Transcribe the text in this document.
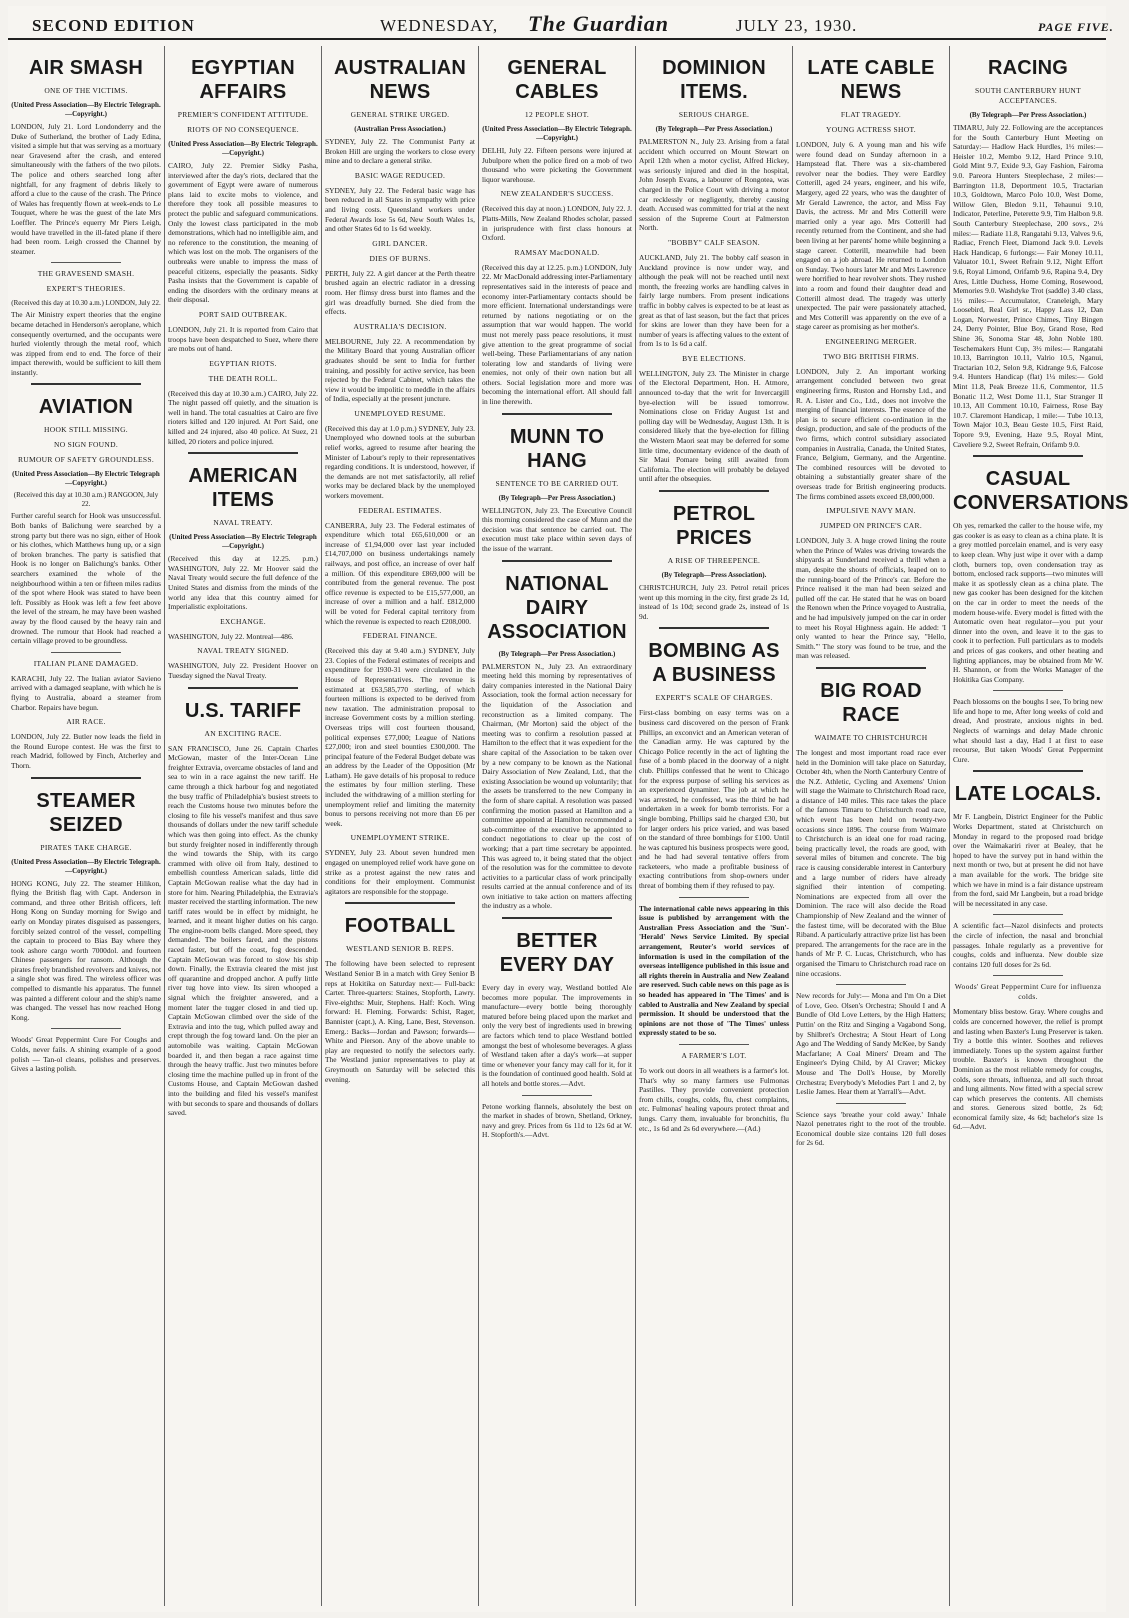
SECOND EDITION	WEDNESDAY, The Guardian	JULY 23, 1930.	PAGE FIVE.
AIR SMASH
ONE OF THE VICTIMS.
(United Press Association—By Electric Telegraph.—Copyright.)

LONDON, July 21. Lord Londonderry and the Duke of Sutherland, the brother of Lady Edina, visited a simple hut that was serving as a mortuary near Gravesend after the crash, and entered simultaneously with the fathers of the two pilots. The police and others searched long after nightfall, for any fragment of debris likely to afford a clue to the cause of the crash. The Prince of Wales has frequently flown at week-ends to Le Touquet, where he was the guest of the late Mrs Loeffler. The Prince's equerry Mr Piers Leigh, would have travelled in the ill-fated plane if there had been room. Leigh crossed the Channel by steamer.

THE GRAVESEND SMASH.
EXPERT'S THEORIES.
(Received this day at 10.30 a.m.) LONDON, July 22.

The Air Ministry expert theories that the engine became detached in Henderson's aeroplane, which consequently overturned, and the occupants were hurled violently through the metal roof, which was zipped from end to end. The force of their impact therewith, would be sufficient to kill them instantly.

AVIATION
HOOK STILL MISSING.
NO SIGN FOUND.
RUMOUR OF SAFETY GROUNDLESS.
(United Press Association—By Electric Telegraph—Copyright.)
(Received this day at 10.30 a.m.) RANGOON, July 22.

Further careful search for Hook was unsuccessful. Both banks of Balichung were searched by a strong party but there was no sign, either of Hook or his clothes, which Matthews hung up, or a sign of broken branches. The party is satisfied that Hook is no longer on Balichung's banks. Other searchers examined the whole of the neighbourhood within a ten or fifteen miles radius of the spot where Hook was stated to have been left. Possibly as Hook was left a few feet above the level of the stream, he may have been washed away by the flood caused by the heavy rain and drowned. The rumour that Hook had reached a certain village proved to be groundless.

ITALIAN PLANE DAMAGED.

KARACHI, July 22. The Italian aviator Savieno arrived with a damaged seaplane, with which he is flying to Australia, aboard a steamer from Charbor. Repairs have begun.

AIR RACE.

LONDON, July 22. Butler now leads the field in the Round Europe contest. He was the first to reach Madrid, followed by Finch, Atcherley and Thorn.

STEAMER SEIZED
PIRATES TAKE CHARGE.
(United Press Association—By Electric Telegraph.—Copyright.)

HONG KONG, July 22. The steamer Hilikon, flying the British flag with Capt. Anderson in command, and three other British officers, left Hong Kong on Sunday morning for Swigo and early on Monday pirates disguised as passengers, forcibly seized control of the vessel, compelling the captain to proceed to Bias Bay where they took ashore cargo worth 7000dol. and fourteen Chinese passengers for ransom. Although the pirates freely brandished revolvers and knives, not a single shot was fired. The wireless officer was compelled to dismantle his apparatus. The funnel was painted a different colour and the ship's name was changed. The vessel has now reached Hong Kong.

Woods' Great Peppermint Cure For Coughs and Colds, never fails. A shining example of a good polish — Tan-ol cleans, polishes and preserves. Gives a lasting polish.

EGYPTIAN AFFAIRS
PREMIER'S CONFIDENT ATTITUDE.
RIOTS OF NO CONSEQUENCE.
(United Press Association—By Electric Telegraph.—Copyright.)

CAIRO, July 22. Premier Sidky Pasha, interviewed after the day's riots, declared that the government of Egypt were aware of numerous plans laid to excite mobs to violence, and therefore they took all possible measures to protect the public and safeguard communications. Only the lowest class participated in the mob demonstrations, which had no intelligible aim, and no reference to the constitution, the meaning of which was lost on the mob. The organisers of the outbreaks were unable to impress the mass of peaceful citizens, especially the peasants. Sidky Pasha insists that the Government is capable of ending the disorders with the ordinary means at their disposal.

PORT SAID OUTBREAK.

LONDON, July 21. It is reported from Cairo that troops have been despatched to Suez, where there are mobs out of hand.

EGYPTIAN RIOTS.
THE DEATH ROLL.

(Received this day at 10.30 a.m.) CAIRO, July 22. The night passed off quietly, and the situation is well in hand. The total casualties at Cairo are five rioters killed and 120 injured. At Port Said, one killed and 24 injured, also 40 police. At Suez, 21 killed, 20 rioters and police injured.

AMERICAN ITEMS
NAVAL TREATY.
(United Press Association—By Electric Telegraph—Copyright.)

(Received this day at 12.25. p.m.) WASHINGTON, July 22. Mr Hoover said the Naval Treaty would secure the full defence of the United States and dismiss from the minds of the world any idea that this country aimed for Imperialistic exploitations.

EXCHANGE.

WASHINGTON, July 22. Montreal—486.

NAVAL TREATY SIGNED.

WASHINGTON, July 22. President Hoover on Tuesday signed the Naval Treaty.

U.S. TARIFF
AN EXCITING RACE.

SAN FRANCISCO, June 26. Captain Charles McGowan, master of the Inter-Ocean Line freighter Extravia, overcame obstacles of land and sea to win in a race against the new tariff. He came through a thick harbour fog and negotiated the busy traffic of Philadelphia's busiest streets to reach the Customs house two minutes before the closing to file his vessel's manifest and thus save thousands of dollars under the new tariff schedule which was then going into effect. As the chunky but sturdy freighter nosed in indifferently through the wind towards the Ship, with its cargo crammed with olive oil from Italy, destined to embellish countless American salads, little did Captain McGowan realise what the day had in store for him. Nearing Philadelphia, the Extravia's master received the startling information. The new tariff rates would be in effect by midnight, he learned, and it meant higher duties on his cargo. The engine-room bells clanged. More speed, they demanded. The boilers fared, and the pistons raced faster, but off the coast, fog descended. Captain McGowan was forced to slow his ship down. Finally, the Extravia cleared the mist just off quarantine and dropped anchor. A puffy little river tug hove into view. Its siren whooped a signal which the freighter answered, and a moment later the tugger closed in and tied up. Captain McGowan climbed over the side of the Extravia and into the tug, which pulled away and crept through the fog toward land. On the pier an automobile was waiting. Captain McGowan boarded it, and then began a race against time through the heavy traffic. Just two minutes before closing time the machine pulled up in front of the Customs House, and Captain McGowan dashed into the building and filed his vessel's manifest with but seconds to spare and thousands of dollars saved.

AUSTRALIAN NEWS
GENERAL STRIKE URGED.
(Australian Press Association.)

SYDNEY, July 22. The Communist Party at Broken Hill are urging the workers to close every mine and to declare a general strike.

BASIC WAGE REDUCED.

SYDNEY, July 22. The Federal basic wage has been reduced in all States in sympathy with price and living costs. Queensland workers under Federal Awards lose 5s 6d, New South Wales 1s, and other States 6d to 1s 6d weekly.

GIRL DANCER.
DIES OF BURNS.

PERTH, July 22. A girl dancer at the Perth theatre brushed again an electric radiator in a dressing room. Her flimsy dress burst into flames and the girl was dreadfully burned. She died from the effects.

AUSTRALIA'S DECISION.

MELBOURNE, July 22. A recommendation by the Military Board that young Australian officer graduates should be sent to India for further training, and possibly for active service, has been rejected by the Federal Cabinet, which takes the view it would be impolitic to meddle in the affairs of India, especially at the present juncture.

UNEMPLOYED RESUME.

(Received this day at 1.0 p.m.) SYDNEY, July 23. Unemployed who downed tools at the suburban relief works, agreed to resume after hearing the Minister of Labour's reply to their representatives regarding conditions. It is understood, however, if the demands are not met satisfactorily, all relief works may be declared black by the unemployed workers movement.

FEDERAL ESTIMATES.

CANBERRA, July 23. The Federal estimates of expenditure which total £65,610,000 or an increase of £1,94,000 over last year included £14,707,000 on business undertakings namely railways, and post office, an increase of over half a million. Of this expenditure £869,000 will be contributed from the general revenue. The post office revenue is expected to be £15,577,000, an increase of over a million and a half. £812,000 will be voted for Federal capital territory from which the revenue is expected to reach £208,000.

FEDERAL FINANCE.

(Received this day at 9.40 a.m.) SYDNEY, July 23. Copies of the Federal estimates of receipts and expenditure for 1930-31 were circulated in the House of Representatives. The revenue is estimated at £63,585,770 sterling, of which fourteen millions is expected to be derived from new taxation. The administration proposal to increase Government costs by a million sterling. Overseas trips will cost fourteen thousand, political expenses £77,000; League of Nations £27,000; iron and steel bounties £300,000. The principal feature of the Federal Budget debate was an address by the Leader of the Opposition (Mr Latham). He gave details of his proposal to reduce the estimates by four million sterling. These included the withdrawing of a million sterling for unemployment relief and limiting the maternity bonus to persons receiving not more than £6 per week.

UNEMPLOYMENT STRIKE.

SYDNEY, July 23. About seven hundred men engaged on unemployed relief work have gone on strike as a protest against the new rates and conditions for their employment. Communist agitators are responsible for the stoppage.

FOOTBALL
WESTLAND SENIOR B. REPS.

The following have been selected to represent Westland Senior B in a match with Grey Senior B reps at Hokitika on Saturday next:— Full-back: Carter. Three-quarters: Staines, Stopforth, Lawry. Five-eighths: Muir, Stephens. Half: Koch. Wing forward: H. Fleming. Forwards: Schist, Rager, Bannister (capt.), A. King, Lane, Best, Stevenson. Emerg.: Backs—Jordan and Pawson; forwards—White and Pierson. Any of the above unable to play are requested to notify the selectors early. The Westland junior representatives to play at Greymouth on Saturday will be selected this evening.

GENERAL CABLES
12 PEOPLE SHOT.
(United Press Association—By Electric Telegraph.—Copyright.)

DELHI, July 22. Fifteen persons were injured at Jubulpore when the police fired on a mob of two thousand who were picketing the Government liquor warehouse.

NEW ZEALANDER'S SUCCESS.

(Received this day at noon.) LONDON, July 22. J. Platts-Mills, New Zealand Rhodes scholar, passed in jurisprudence with first class honours at Oxford.

RAMSAY MacDONALD.

(Received this day at 12.25. p.m.) LONDON, July 22. Mr MacDonald addressing inter-Parliamentary representatives said in the interests of peace and economy inter-Parliamentary contacts should be more efficient. International understandings were returned by nations negotiating or on the assumption that war would happen. The world must not merely pass peace resolutions, it must give attention to the great programme of social well-being. These Parliamentarians of any nation tolerating low and standards of living were enemies, not only of their own nation but all others. Social legislation more and more was becoming the international effort. All should fall in line therewith.

MUNN TO HANG
SENTENCE TO BE CARRIED OUT.
(By Telegraph—Per Press Association.)

WELLINGTON, July 23. The Executive Council this morning considered the case of Munn and the decision was that sentence be carried out. The execution must take place within seven days of the issue of the warrant.

NATIONAL DAIRY ASSOCIATION
(By Telegraph—Per Press Association.)

PALMERSTON N., July 23. An extraordinary meeting held this morning by representatives of dairy companies interested in the National Dairy Association, took the formal action necessary for the liquidation of the Association and reconstruction as a limited company. The Chairman, (Mr Morton) said the object of the meeting was to confirm a resolution passed at Hamilton to the effect that it was expedient for the share capital of the Association to be taken over by a new company to be known as the National Dairy Association of New Zealand, Ltd., that the existing Association be wound up voluntarily; that the assets be transferred to the new Company in the form of share capital. A resolution was passed confirming the motion passed at Hamilton and a committee appointed at Hamilton recommended a sub-committee of the executive be appointed to conduct negotiations to clear up the cost of working; that a part time secretary be appointed. This was agreed to, it being stated that the object of the resolution was for the committee to devote activities to a particular class of work principally results carried at the annual conference and of its own initiative to take action on matters affecting the industry as a whole.

BETTER EVERY DAY

Every day in every way, Westland bottled Ale becomes more popular. The improvements in manufacture—every bottle being thoroughly matured before being placed upon the market and only the very best of ingredients used in brewing are factors which tend to place Westland bottled amongst the best of wholesome beverages. A glass of Westland taken after a day's work—at supper time or whenever your fancy may call for it, for it is the foundation of continued good health. Sold at all hotels and bottle stores.—Advt.

Petone working flannels, absolutely the best on the market in shades of brown, Shetland, Orkney, navy and grey. Prices from 6s 11d to 12s 6d at W. H. Stopforth's.—Advt.

DOMINION ITEMS.
SERIOUS CHARGE.
(By Telegraph—Per Press Association.)

PALMERSTON N., July 23. Arising from a fatal accident which occurred on Mount Stewart on April 12th when a motor cyclist, Alfred Hickey, was seriously injured and died in the hospital, John Joseph Evans, a labourer of Rongotea, was charged in the Police Court with driving a motor car recklessly or negligently, thereby causing death. Accused was committed for trial at the next session of the Supreme Court at Palmerston North.

"BOBBY" CALF SEASON.

AUCKLAND, July 21. The bobby calf season in Auckland province is now under way, and although the peak will not be reached until next month, the freezing works are handling calves in fairly large numbers. From present indications traffic in bobby calves is expected to be at least as great as that of last season, but the fact that prices for skins are lower than they have been for a number of years is affecting values to the extent of from 1s to 1s 6d a calf.

BYE ELECTIONS.

WELLINGTON, July 23. The Minister in charge of the Electoral Department, Hon. H. Atmore, announced to-day that the writ for Invercargill bye-election will be issued tomorrow. Nominations close on Friday August 1st and polling day will be Wednesday, August 13th. It is considered likely that the bye-election for filling the Western Maori seat may be deferred for some little time, documentary evidence of the death of Sir Maui Pomare being still awaited from California. The election will probably be delayed until after the obsequies.

PETROL PRICES
A RISE OF THREEPENCE.
(By Telegraph—Press Association).

CHRISTCHURCH, July 23. Petrol retail prices went up this morning in the city, first grade 2s 1d, instead of 1s 10d; second grade 2s, instead of 1s 9d.

BOMBING AS A BUSINESS
EXPERT'S SCALE OF CHARGES.

First-class bombing on easy terms was on a business card discovered on the person of Frank Phillips, an exconvict and an American veteran of the Canadian army. He was captured by the Chicago Police recently in the act of lighting the fuse of a bomb placed in the doorway of a night club. Phillips confessed that he went to Chicago for the express purpose of selling his services as an experienced dynamiter. The job at which he was arrested, he confessed, was the third he had undertaken in a week for bomb terrorists. For a single bombing, Phillips said he charged £30, but for larger orders his price varied, and was based on the standard of three bombings for £100. Until he was captured his business prospects were good, and he had had several tentative offers from racketeers, who made a profitable business of exacting contributions from shop-owners under threat of bombing them if they refused to pay.

The international cable news appearing in this issue is published by arrangement with the Australian Press Association and the 'Sun'-'Herald' News Service Limited. By special arrangement, Reuter's world services of information is used in the compilation of the overseas intelligence published in this issue and all rights therein in Australia and New Zealand are reserved. Such cable news on this page as is so headed has appeared in 'The Times' and is cabled to Australia and New Zealand by special permission. It should be understood that the opinions are not those of 'The Times' unless expressly stated to be so.

A FARMER'S LOT.

To work out doors in all weathers is a farmer's lot. That's why so many farmers use Fulmonas Pastilles. They provide convenient protection from chills, coughs, colds, flu, chest complaints, etc. Fulmonas' healing vapours protect throat and lungs. Carry them, invaluable for bronchitis, flu etc., 1s 6d and 2s 6d everywhere.—(Ad.)

LATE CABLE NEWS
FLAT TRAGEDY.
YOUNG ACTRESS SHOT.

LONDON, July 6. A young man and his wife were found dead on Sunday afternoon in a Hampstead flat. There was a six-chambered revolver near the bodies. They were Eardley Cotterill, aged 24 years, engineer, and his wife, Margery, aged 22 years, who was the daughter of Mr Gerald Lawrence, the actor, and Miss Fay Davis, the actress. Mr and Mrs Cotterill were married only a year ago. Mrs Cotterill had recently returned from the Continent, and she had been living at her parents' home while beginning a stage career. Cotterill, meanwhile had been engaged on a job abroad. He returned to London on Sunday. Two hours later Mr and Mrs Lawrence were horrified to hear revolver shots. They rushed into a room and found their daughter dead and Cotterill almost dead. The tragedy was utterly unexpected. The pair were passionately attached, and Mrs Cotterill was apparently on the eve of a stage career as promising as her mother's.

ENGINEERING MERGER.
TWO BIG BRITISH FIRMS.

LONDON, July 2. An important working arrangement concluded between two great engineering firms, Ruston and Hornsby Ltd., and R. A. Lister and Co., Ltd., does not involve the merging of financial interests. The essence of the plan is to secure efficient co-ordination in the design, production, and sale of the products of the two firms, which control subsidiary associated companies in Australia, Canada, the United States, France, Belgium, Germany, and the Argentine. The combined resources will be devoted to obtaining a substantially greater share of the overseas trade for British engineering products. The firms combined assets exceed £8,000,000.

IMPULSIVE NAVY MAN.
JUMPED ON PRINCE'S CAR.

LONDON, July 3. A huge crowd lining the route when the Prince of Wales was driving towards the shipyards at Sunderland received a thrill when a man, despite the shouts of officials, leaped on to the running-board of the Prince's car. Before the Prince realised it the man had been seized and pulled off the car. He stated that he was on board the Renown when the Prince voyaged to Australia, and he had impulsively jumped on the car in order to meet his Royal Highness again. He added: 'I only wanted to hear the Prince say, "Hello, Smith."' The story was found to be true, and the man was released.

BIG ROAD RACE
WAIMATE TO CHRISTCHURCH

The longest and most important road race ever held in the Dominion will take place on Saturday, October 4th, when the North Canterbury Centre of the N.Z. Athletic, Cycling and Axemens' Union will stage the Waimate to Christchurch Road race, a distance of 140 miles. This race takes the place of the famous Timaru to Christchurch road race, which event has been held on twenty-two occasions since 1896. The course from Waimate to Christchurch is an ideal one for road racing, being practically level, the roads are good, with several miles of bitumen and concrete. The big race is causing considerable interest in Canterbury and a large number of riders have already signified their intention of competing. Nominations are expected from all over the Dominion. The race will also decide the Road Championship of New Zealand and the winner of the fastest time, will be decorated with the Blue Riband. A particularly attractive prize list has been prepared. The arrangements for the race are in the hands of Mr P. C. Lucas, Christchurch, who has organised the Timaru to Christchurch road race on nine occasions.

New records for July:— Mona and I'm On a Diet of Love, Geo. Olsen's Orchestra; Should I and A Bundle of Old Love Letters, by the High Hatters; Puttin' on the Ritz and Singing a Vagabond Song, by Shilbret's Orchestra; A Stout Heart of Long Ago and The Wedding of Sandy McKee, by Sandy Macfarlane; A Coal Miners' Dream and The Engineer's Dying Child, by Al Craver; Mickey Mouse and The Doll's House, by Morelly Orchestra; Everybody's Melodies Part 1 and 2, by Leslie James. Hear them at Yarrall's—Advt.

Science says 'breathe your cold away.' Inhale Nazol penetrates right to the root of the trouble. Economical double size contains 120 full doses for 2s 6d.

RACING
SOUTH CANTERBURY HUNT ACCEPTANCES.
(By Telegraph—Per Press Association.)

TIMARU, July 22. Following are the acceptances for the South Canterbury Hunt Meeting on Saturday:— Hadlow Hack Hurdles, 1½ miles:— Heisler 10.2, Membo 9.12, Hard Prince 9.10, Gold Mint 9.7, Exide 9.3, Gay Fashion, Fairoma 9.0. Pareora Hunters Steeplechase, 2 miles:— Barrington 11.8, Deportment 10.5, Tractarian 10.3, Goldtown, Marco Polo 10.0, West Dome, Willow Glen, Bledon 9.11, Tehaunui 9.10, Indicator, Peterline, Peterette 9.9, Tim Halbon 9.8. South Canterbury Steeplechase, 200 sovs., 2¼ miles:— Radiate 11.8, Rangatahi 9.13, Valves 9.6, Radiac, French Fleet, Diamond Jack 9.0. Levels Hack Handicap, 6 furlongs:— Fair Money 10.11, Valuator 10.1, Sweet Refrain 9.12, Night Effort 9.6, Royal Limond, Orifamb 9.6, Rapina 9.4, Dry Ares, Little Duchess, Home Coming, Rosewood, Memories 9.0. Washdyke Trot (saddle) 3.40 class, 1½ miles:— Accumulator, Craneleigh, Mary Loosebird, Real Girl sr., Happy Lass 12, Dan Logan, Norwester, Prince Chimes, Tiny Bingen 24, Derry Pointer, Blue Boy, Grand Rose, Red Shine 36, Sonoma Star 48, John Noble 180. Teschemakers Hunt Cup, 3½ miles:— Rangatahi 10.13, Barrington 10.11, Valrio 10.5, Nganui, Tractarian 10.2, Selon 9.8, Kidrange 9.6, Falcose 9.4. Hunters Handicap (flat) 1¼ miles:— Gold Mint 11.8, Peak Breeze 11.6, Commentor, 11.5 Bonatic 11.2, West Dome 11.1, Star Stranger II 10.13, All Comment 10.10, Fairness, Rose Bay 10.7. Claremont Handicap, 1 mile:— Tube 10.13, Town Major 10.3, Beau Geste 10.5, First Raid, Topore 9.9, Evening, Haze 9.5, Royal Mint, Caveliere 9.2, Sweet Refrain, Orifamb 9.0.

CASUAL CONVERSATIONS

Oh yes, remarked the caller to the house wife, my gas cooker is as easy to clean as a china plate. It is a grey mottled porcelain enamel, and is very easy to keep clean. Why just wipe it over with a damp cloth, burners top, oven condensation tray as bottom, enclosed rack supports—two minutes will make it as spotlessly clean as a china plate. The new gas cooker has been designed for the kitchen on the car in order to meet the needs of the modern house-wife. Every model is fitted with the Automatic oven heat regulator—you put your dinner into the oven, and leave it to the gas to cook it to perfection. Full particulars as to models and prices of gas cookers, and other heating and lighting appliances, may be obtained from Mr W. H. Shannon, or from the Works Manager of the Hokitika Gas Company.

Peach blossoms on the boughs I see, To bring new life and hope to me, After long weeks of cold and dread, And prostrate, anxious nights in bed. Neglects of warnings and delay Made chronic what should last a day, Had I at first to ease recourse, But taken Woods' Great Peppermint Cure.

LATE LOCALS.

Mr F. Langbein, District Engineer for the Public Works Department, stated at Christchurch on Monday in regard to the proposed road bridge over the Waimakariri river at Bealey, that he hoped to have the survey put in hand within the next month or two, but at present he did not have a man available for the work. The bridge site which we have in mind is a fair distance upstream from the ford, said Mr Langbein, but a road bridge will be necessitated in any case.

A scientific fact—Nazol disinfects and protects the circle of infection, the nasal and bronchial passages. Inhale regularly as a preventive for coughs, colds and influenza. New double size contains 120 full doses for 2s 6d.

Woods' Great Peppermint Cure for influenza colds.

Momentary bliss bestow. Gray. Where coughs and colds are concerned however, the relief is prompt and lasting when Baxter's Lung Preserver is taken. Try a bottle this winter. Soothes and relieves immediately. Tones up the system against further trouble. Baxter's is known throughout the Dominion as the most reliable remedy for coughs, colds, sore throats, influenza, and all such throat and lung ailments. Now fitted with a special screw cap which preserves the contents. All chemists and stores. Generous sized bottle, 2s 6d; economical family size, 4s 6d; bachelor's size 1s 6d.—Advt.
